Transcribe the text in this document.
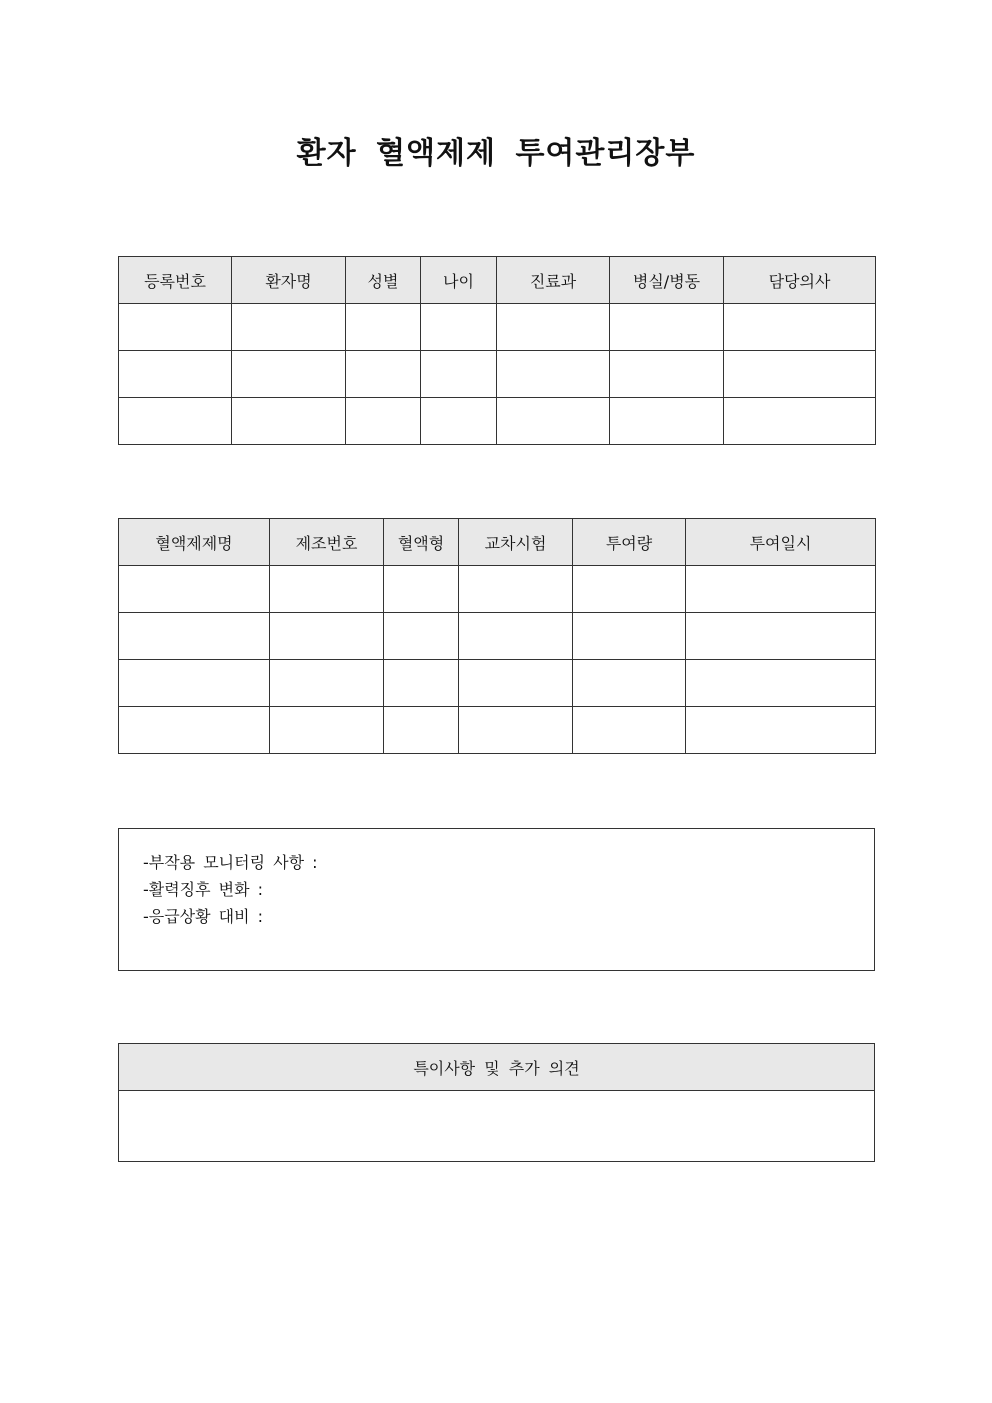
환자 혈액제제 투여관리장부
등록번호	환자명	성별	나이	진료과	병실/병동	담당의사

혈액제제명	제조번호	혈액형	교차시험	투여량	투여일시

-부작용 모니터링 사항 :
-활력징후 변화 :
-응급상황 대비 :
특이사항 및 추가 의견
